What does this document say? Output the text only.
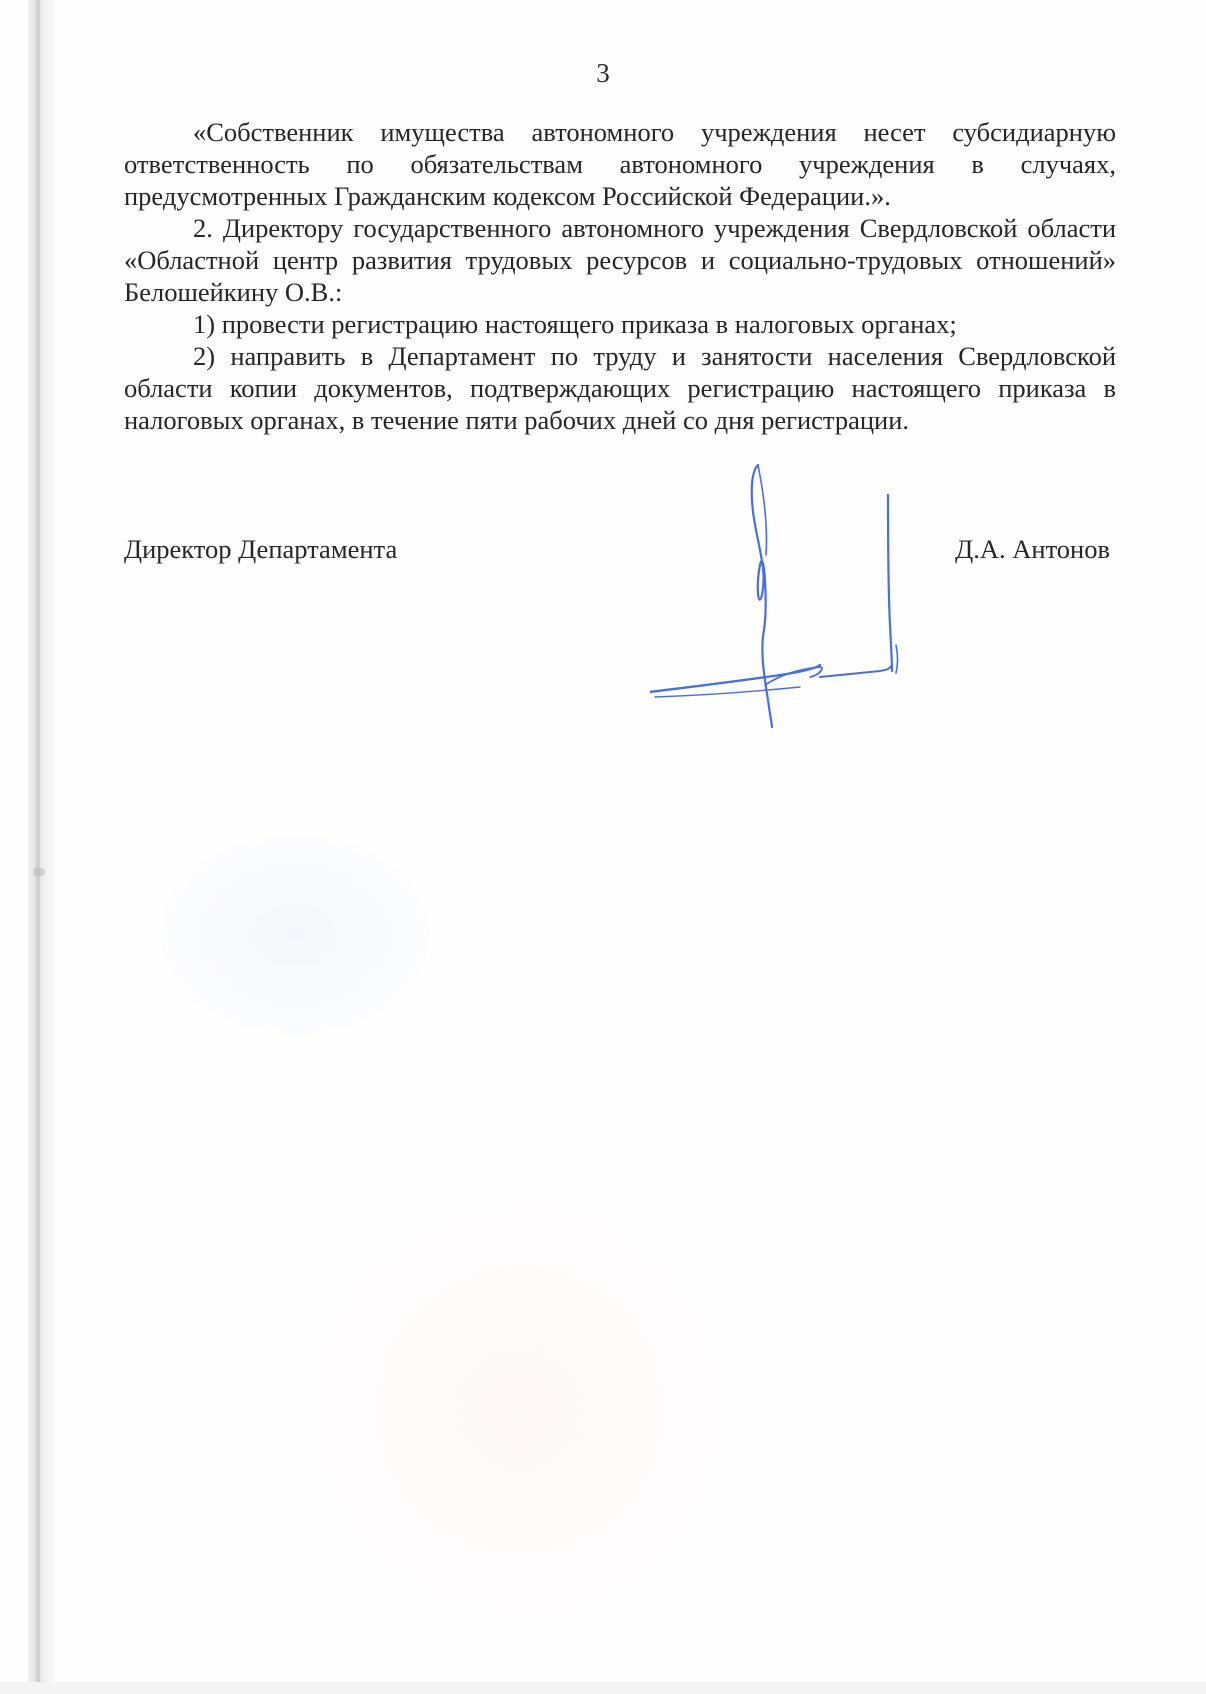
3

«Собственник имущества автономного учреждения несет субсидиарную ответственность по обязательствам автономного учреждения в случаях, предусмотренных Гражданским кодексом Российской Федерации.».

2. Директору государственного автономного учреждения Свердловской области «Областной центр развития трудовых ресурсов и социально-трудовых отношений» Белошейкину О.В.:

1) провести регистрацию настоящего приказа в налоговых органах;

2) направить в Департамент по труду и занятости населения Свердловской области копии документов, подтверждающих регистрацию настоящего приказа в налоговых органах, в течение пяти рабочих дней со дня регистрации.

Директор Департамента	Д.А. Антонов
